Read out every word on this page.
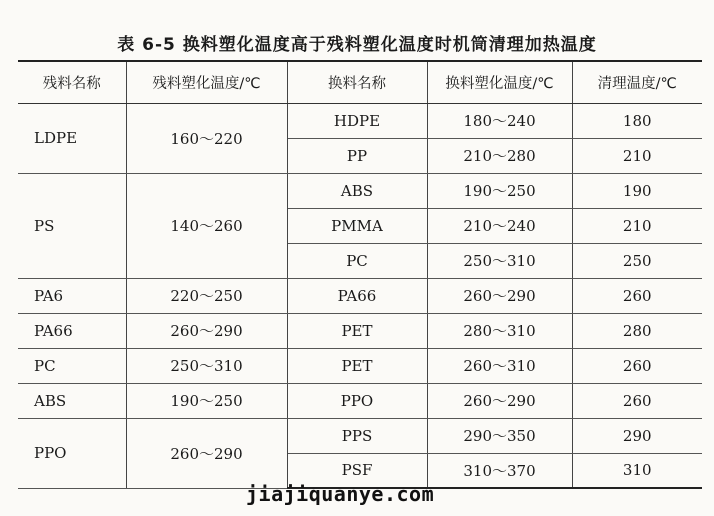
表 6-5 换料塑化温度高于残料塑化温度时机筒清理加热温度
残料名称	残料塑化温度/℃	换料名称	换料塑化温度/℃	清理温度/℃
LDPE	160～220	HDPE	180～240	180
		PP	210～280	210
PS	140～260	ABS	190～250	190
		PMMA	210～240	210
		PC	250～310	250
PA6	220～250	PA66	260～290	260
PA66	260～290	PET	280～310	280
PC	250～310	PET	260～310	260
ABS	190～250	PPO	260～290	260
PPO	260～290	PPS	290～350	290
		PSF	310～370	310
jiajiquanye.com
